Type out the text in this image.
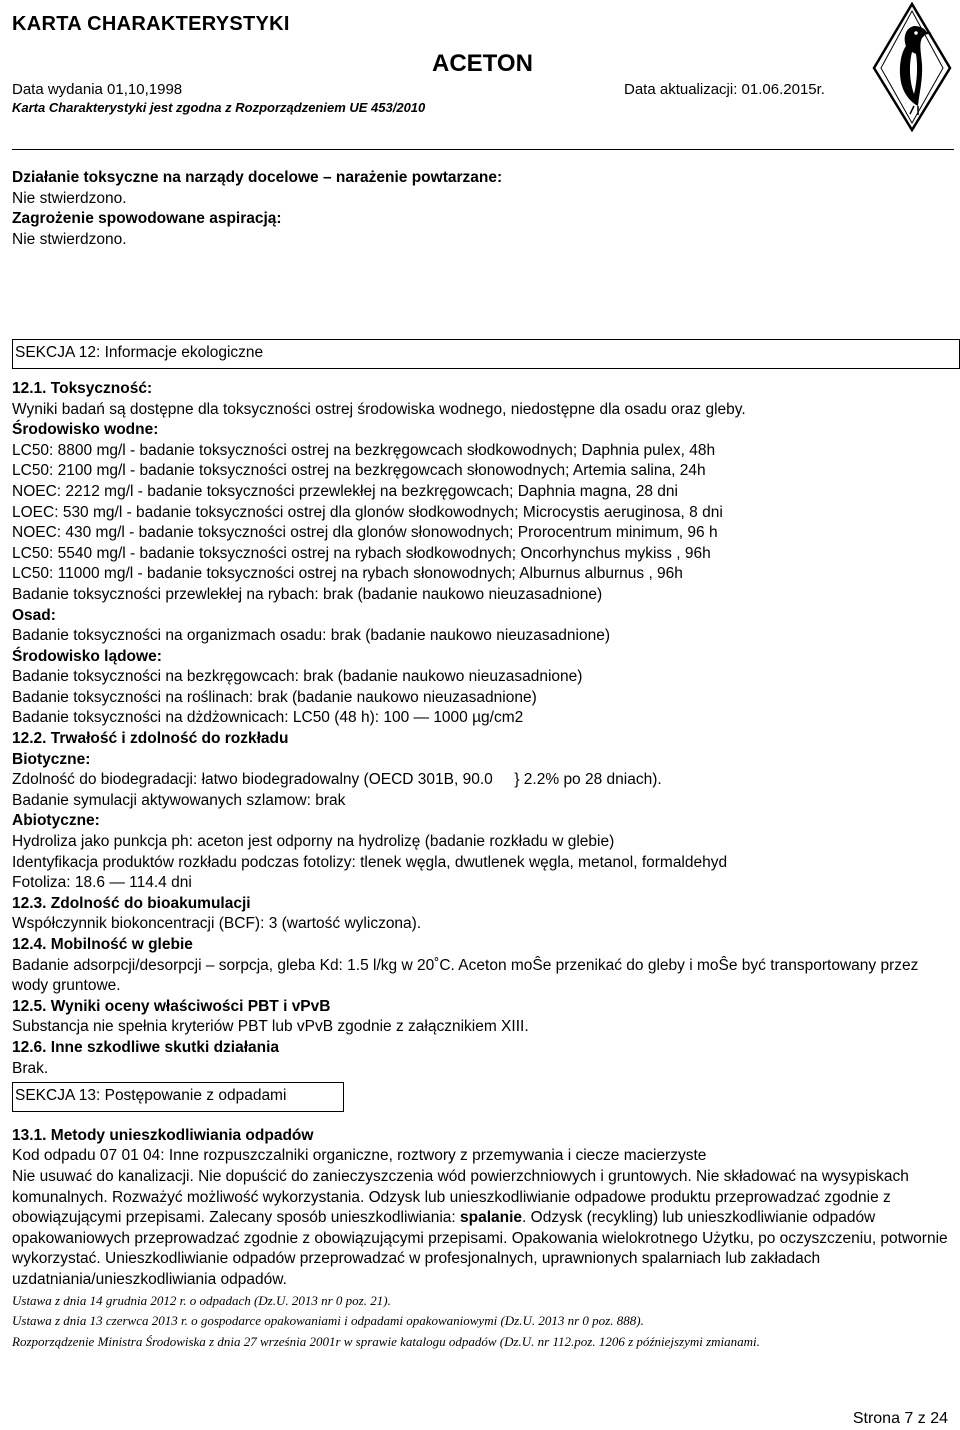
KARTA CHARAKTERYSTYKI
ACETON
Data wydania 01,10,1998	Data aktualizacji: 01.06.2015r.
Karta Charakterystyki jest zgodna z Rozporządzeniem UE 453/2010

Działanie toksyczne na narządy docelowe – narażenie powtarzane:

Nie stwierdzono.

Zagrożenie spowodowane aspiracją:

Nie stwierdzono.

SEKCJA 12: Informacje ekologiczne

12.1. Toksyczność:

Wyniki badań są dostępne dla toksyczności ostrej środowiska wodnego, niedostępne dla osadu oraz gleby.

Środowisko wodne:

LC50: 8800 mg/l - badanie toksyczności ostrej na bezkręgowcach słodkowodnych; Daphnia pulex, 48h

LC50: 2100 mg/l - badanie toksyczności ostrej na bezkręgowcach słonowodnych; Artemia salina, 24h

NOEC: 2212 mg/l - badanie toksyczności przewlekłej na bezkręgowcach; Daphnia magna, 28 dni

LOEC: 530 mg/l - badanie toksyczności ostrej dla glonów słodkowodnych; Microcystis aeruginosa, 8 dni

NOEC: 430 mg/l - badanie toksyczności ostrej dla glonów słonowodnych; Prorocentrum minimum, 96 h

LC50: 5540 mg/l - badanie toksyczności ostrej na rybach słodkowodnych; Oncorhynchus mykiss , 96h

LC50: 11000 mg/l - badanie toksyczności ostrej na rybach słonowodnych; Alburnus alburnus , 96h

Badanie toksyczności przewlekłej na rybach: brak (badanie naukowo nieuzasadnione)

Osad:

Badanie toksyczności na organizmach osadu: brak (badanie naukowo nieuzasadnione)

Środowisko lądowe:

Badanie toksyczności na bezkręgowcach: brak (badanie naukowo nieuzasadnione)

Badanie toksyczności na roślinach: brak (badanie naukowo nieuzasadnione)

Badanie toksyczności na dżdżownicach: LC50 (48 h): 100 — 1000 µg/cm2

12.2. Trwałość i zdolność do rozkładu

Biotyczne:

Zdolność do biodegradacji: łatwo biodegradowalny (OECD 301B, 90.0     } 2.2% po 28 dniach).

Badanie symulacji aktywowanych szlamow: brak

Abiotyczne:

Hydroliza jako punkcja ph: aceton jest odporny na hydrolizę (badanie rozkładu w glebie)

Identyfikacja produktów rozkładu podczas fotolizy: tlenek węgla, dwutlenek węgla, metanol, formaldehyd

Fotoliza: 18.6 — 114.4 dni

12.3. Zdolność do bioakumulacji

Współczynnik biokoncentracji (BCF): 3 (wartość wyliczona).

12.4. Mobilność w glebie

Badanie adsorpcji/desorpcji – sorpcja, gleba Kd: 1.5 l/kg w 20˚C. Aceton moŜe przenikać do gleby i moŜe być transportowany przez wody gruntowe.

12.5. Wyniki oceny właściwości PBT i vPvB

Substancja nie spełnia kryteriów PBT lub vPvB zgodnie z załącznikiem XIII.

12.6. Inne szkodliwe skutki działania

Brak.

SEKCJA 13: Postępowanie z odpadami

13.1. Metody unieszkodliwiania odpadów

Kod odpadu 07 01 04: Inne rozpuszczalniki organiczne, roztwory z przemywania i ciecze macierzyste

Nie usuwać do kanalizacji. Nie dopuścić do zanieczyszczenia wód powierzchniowych i gruntowych. Nie składować na wysypiskach komunalnych. Rozważyć możliwość wykorzystania. Odzysk lub unieszkodliwianie odpadowe produktu przeprowadzać zgodnie z obowiązującymi przepisami. Zalecany sposób unieszkodliwiania: spalanie. Odzysk (recykling) lub unieszkodliwianie odpadów opakowaniowych przeprowadzać zgodnie z obowiązującymi przepisami. Opakowania wielokrotnego Użytku, po oczyszczeniu, potwornie wykorzystać. Unieszkodliwianie odpadów przeprowadzać w profesjonalnych, uprawnionych spalarniach lub zakładach uzdatniania/unieszkodliwiania odpadów.

Ustawa z dnia 14 grudnia 2012 r. o odpadach (Dz.U. 2013 nr 0 poz. 21).

Ustawa z dnia 13 czerwca 2013 r. o gospodarce opakowaniami i odpadami opakowaniowymi (Dz.U. 2013 nr 0 poz. 888).

Rozporządzenie Ministra Środowiska z dnia 27 września 2001r w sprawie katalogu odpadów (Dz.U. nr 112.poz. 1206 z późniejszymi zmianami.

Strona 7 z 24
